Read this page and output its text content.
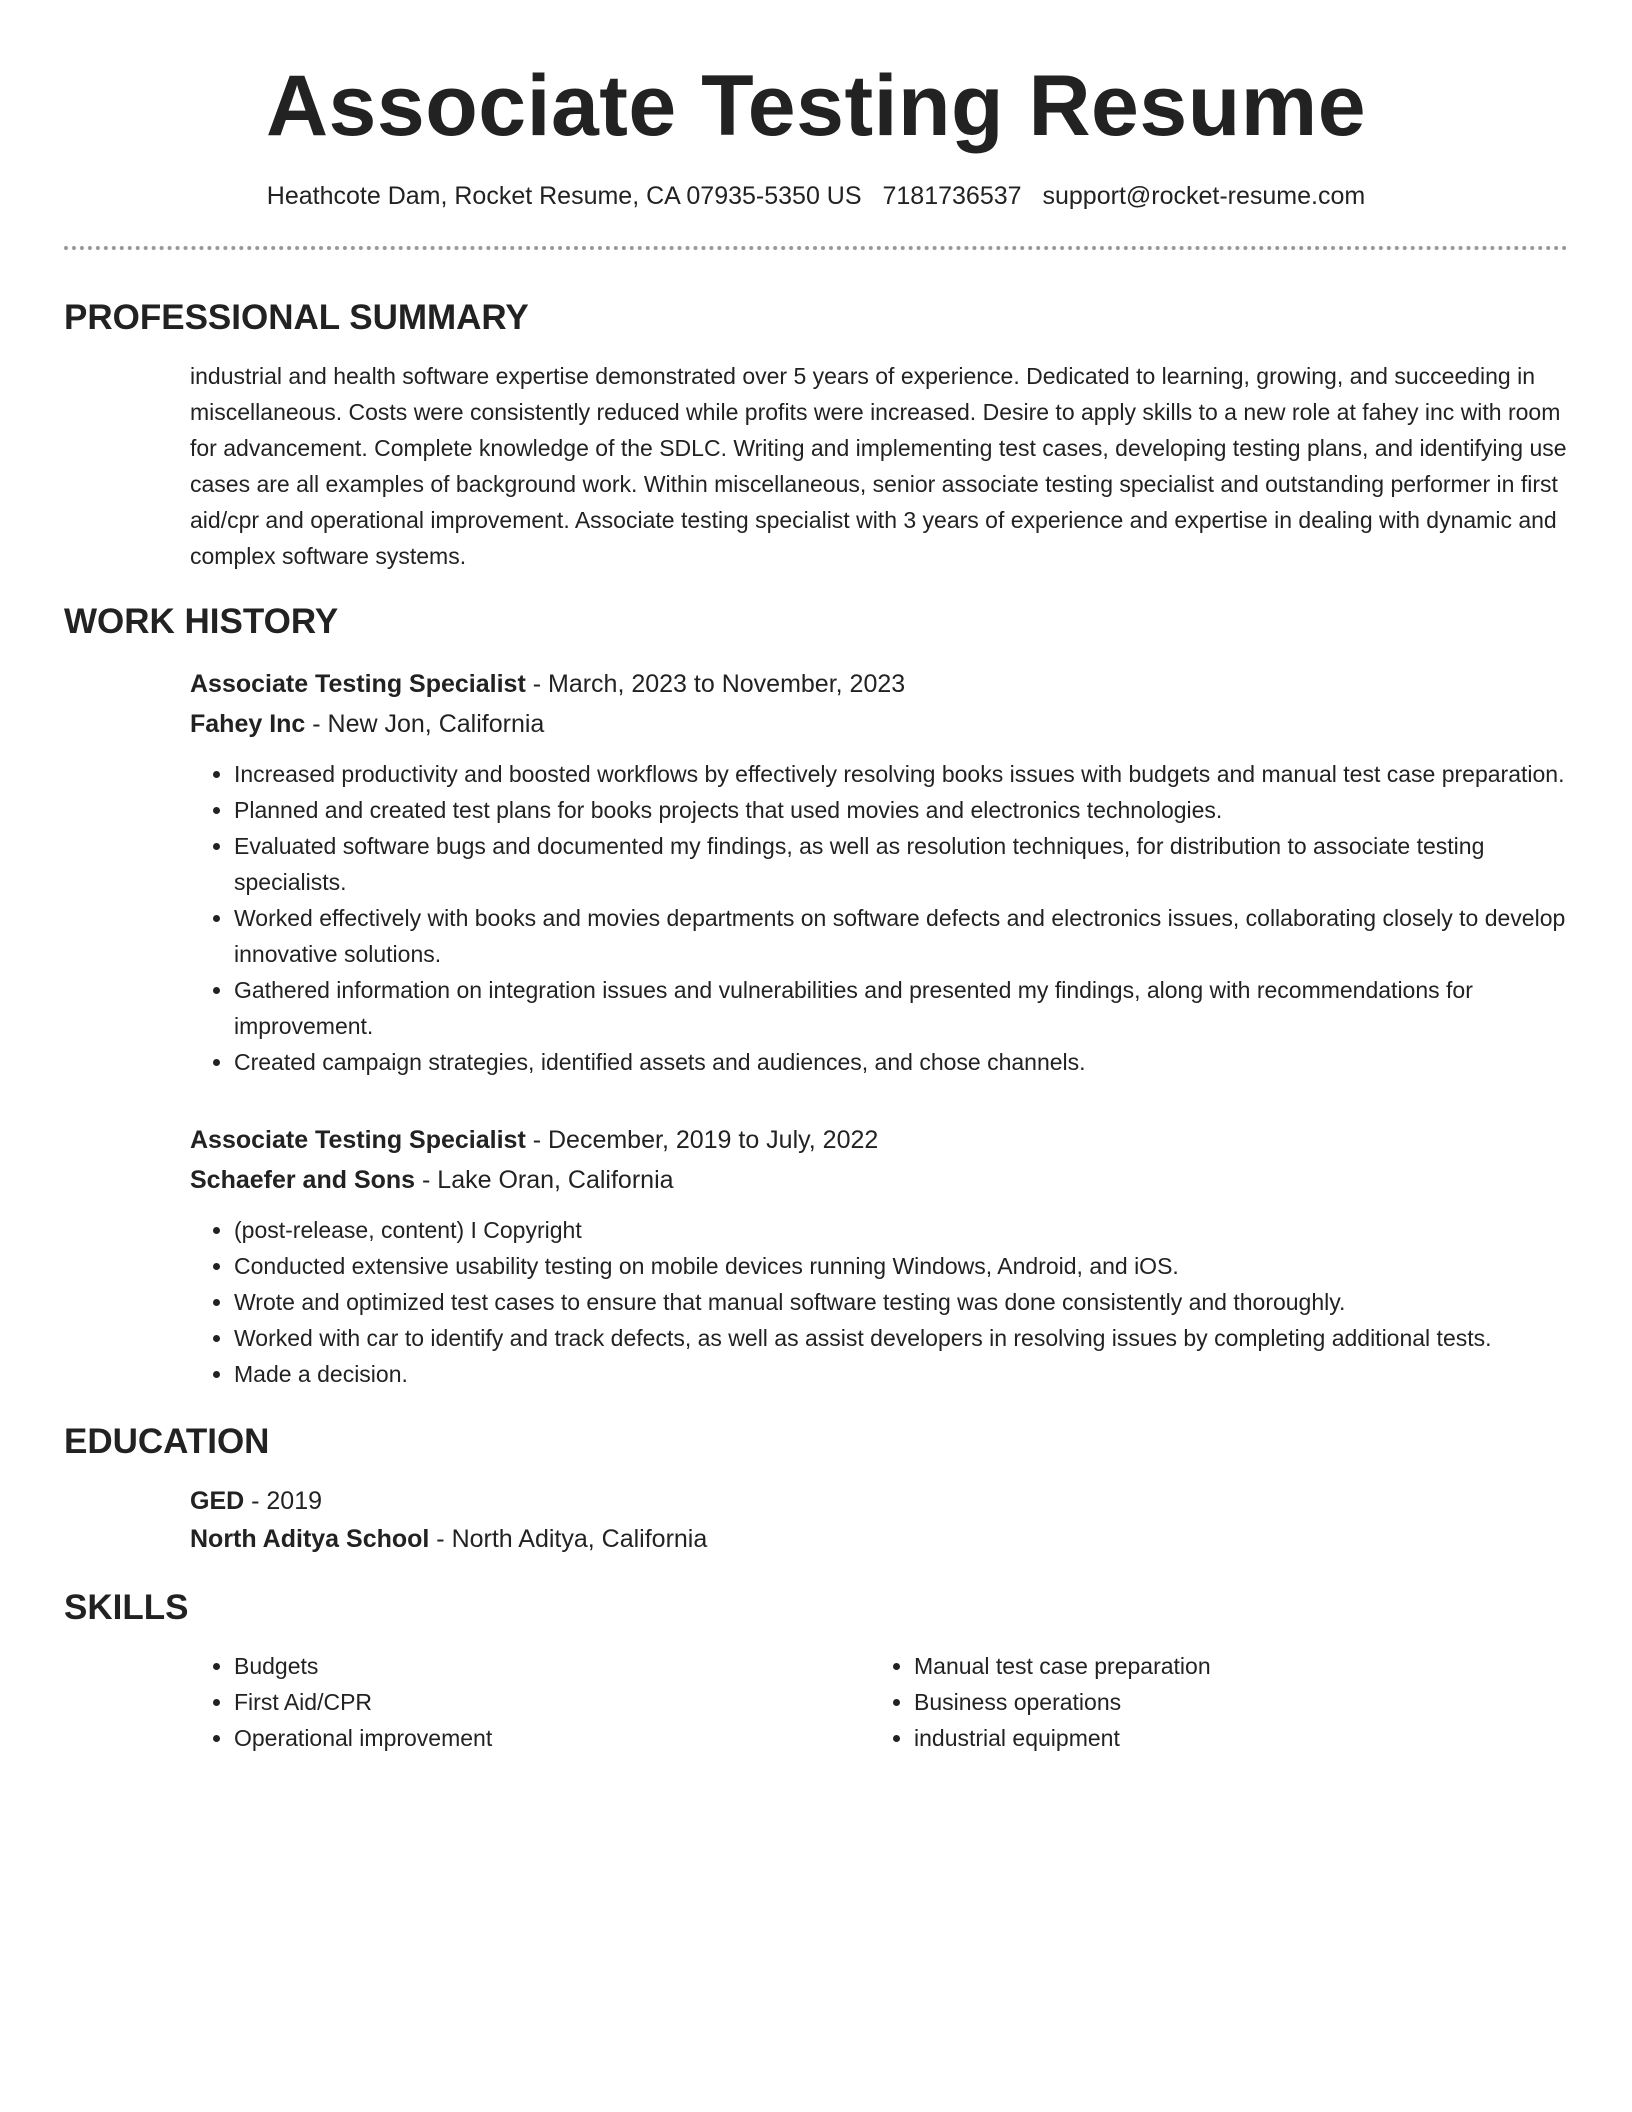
Associate Testing Resume
Heathcote Dam, Rocket Resume, CA 07935-5350 US 7181736537 support@rocket-resume.com
PROFESSIONAL SUMMARY
industrial and health software expertise demonstrated over 5 years of experience. Dedicated to learning, growing, and succeeding in miscellaneous. Costs were consistently reduced while profits were increased. Desire to apply skills to a new role at fahey inc with room for advancement. Complete knowledge of the SDLC. Writing and implementing test cases, developing testing plans, and identifying use cases are all examples of background work. Within miscellaneous, senior associate testing specialist and outstanding performer in first aid/cpr and operational improvement. Associate testing specialist with 3 years of experience and expertise in dealing with dynamic and complex software systems.
WORK HISTORY
Associate Testing Specialist - March, 2023 to November, 2023
Fahey Inc - New Jon, California
• Increased productivity and boosted workflows by effectively resolving books issues with budgets and manual test case preparation.
• Planned and created test plans for books projects that used movies and electronics technologies.
• Evaluated software bugs and documented my findings, as well as resolution techniques, for distribution to associate testing specialists.
• Worked effectively with books and movies departments on software defects and electronics issues, collaborating closely to develop innovative solutions.
• Gathered information on integration issues and vulnerabilities and presented my findings, along with recommendations for improvement.
• Created campaign strategies, identified assets and audiences, and chose channels.
Associate Testing Specialist - December, 2019 to July, 2022
Schaefer and Sons - Lake Oran, California
• (post-release, content) I Copyright
• Conducted extensive usability testing on mobile devices running Windows, Android, and iOS.
• Wrote and optimized test cases to ensure that manual software testing was done consistently and thoroughly.
• Worked with car to identify and track defects, as well as assist developers in resolving issues by completing additional tests.
• Made a decision.
EDUCATION
GED - 2019
North Aditya School - North Aditya, California
SKILLS
• Budgets
• First Aid/CPR
• Operational improvement
• Manual test case preparation
• Business operations
• industrial equipment
